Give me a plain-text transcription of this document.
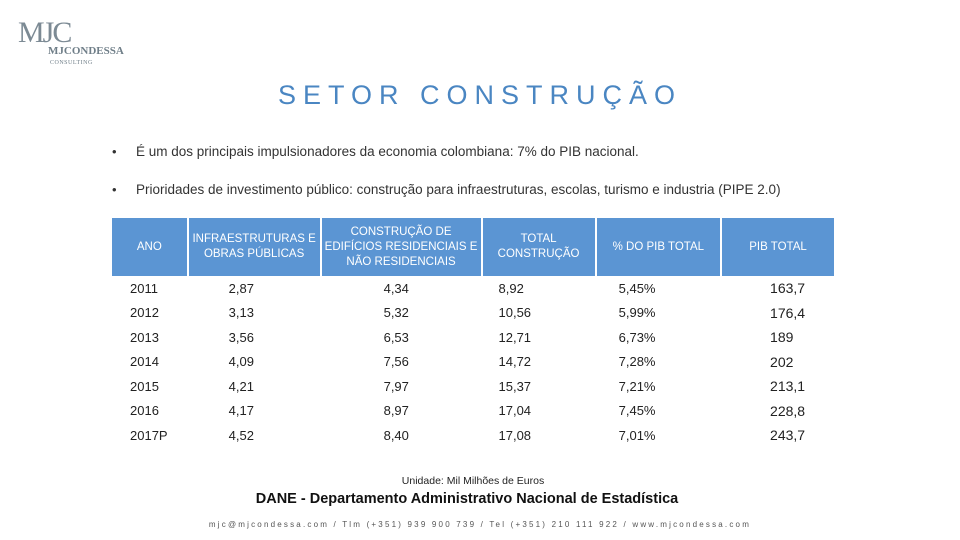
MJC
MJCONDESSA
CONSULTING
SETOR CONSTRUÇÃO
• É um dos principais impulsionadores da economia colombiana: 7% do PIB nacional.
• Prioridades de investimento público: construção para infraestruturas, escolas, turismo e industria (PIPE 2.0)
ANO	INFRAESTRUTURAS E OBRAS PÚBLICAS	CONSTRUÇÃO DE EDIFÍCIOS RESIDENCIAIS E NÃO RESIDENCIAIS	TOTAL CONSTRUÇÃO	% DO PIB TOTAL	PIB TOTAL
2011	2,87	4,34	8,92	5,45%	163,7
2012	3,13	5,32	10,56	5,99%	176,4
2013	3,56	6,53	12,71	6,73%	189
2014	4,09	7,56	14,72	7,28%	202
2015	4,21	7,97	15,37	7,21%	213,1
2016	4,17	8,97	17,04	7,45%	228,8
2017P	4,52	8,40	17,08	7,01%	243,7
Unidade: Mil Milhões de Euros
DANE - Departamento Administrativo Nacional de Estadística
mjc@mjcondessa.com / Tlm (+351) 939 900 739 / Tel (+351) 210 111 922 / www.mjcondessa.com
